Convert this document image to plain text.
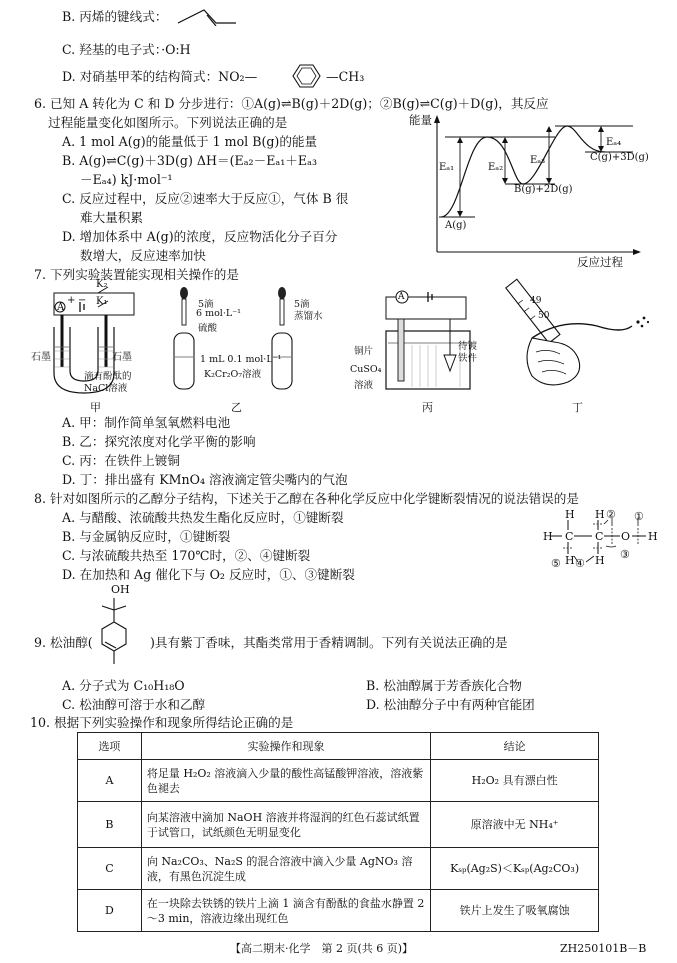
B. 丙烯的键线式：
C. 羟基的电子式：·O:H
D. 对硝基甲苯的结构简式：NO₂—	—CH₃
6. 已知 A 转化为 C 和 D 分步进行：①A(g)⇌B(g)＋2D(g)；②B(g)⇌C(g)＋D(g)，其反应
过程能量变化如图所示。下列说法正确的是
A. 1 mol A(g)的能量低于 1 mol B(g)的能量
B. A(g)⇌C(g)＋3D(g) ΔH＝(Eₐ₂－Eₐ₁＋Eₐ₃
－Eₐ₄) kJ·mol⁻¹
C. 反应过程中，反应②速率大于反应①，气体 B 很
难大量积累
D. 增加体系中 A(g)的浓度，反应物活化分子百分
数增大，反应速率加快
能量
反应过程
Eₐ₁	Eₐ₂
Eₐ₃
Eₐ₄
A(g)
B(g)+2D(g)
C(g)+3D(g)
7. 下列实验装置能实现相关操作的是
K₂
K₁
A
+ −
石墨	石墨
滴有酚酞的
NaCl溶液
甲
5滴
6 mol·L⁻¹
硫酸
5滴
蒸馏水
1 mL 0.1 mol·L⁻¹
K₂Cr₂O₇溶液
乙
A
铜片
CuSO₄
溶液
待镀
铁件
丙
49
50
丁
A. 甲：制作简单氢氧燃料电池
B. 乙：探究浓度对化学平衡的影响
C. 丙：在铁件上镀铜
D. 丁：排出盛有 KMnO₄ 溶液滴定管尖嘴内的气泡
8. 针对如图所示的乙醇分子结构，下述关于乙醇在各种化学反应中化学键断裂情况的说法错误的是
A. 与醋酸、浓硫酸共热发生酯化反应时，①键断裂
B. 与金属钠反应时，①键断裂
C. 与浓硫酸共热至 170℃时，②、④键断裂
D. 在加热和 Ag 催化下与 O₂ 反应时，①、③键断裂
H C C O H
H H
H H
①
②
③
④
⑤
OH
9. 松油醇(	)具有紫丁香味，其酯类常用于香精调制。下列有关说法正确的是
A. 分子式为 C₁₀H₁₈O	B. 松油醇属于芳香族化合物
C. 松油醇可溶于水和乙醇	D. 松油醇分子中有两种官能团
10. 根据下列实验操作和现象所得结论正确的是
选项	实验操作和现象	结论
A	将足量 H₂O₂ 溶液滴入少量的酸性高锰酸钾溶液，溶液紫色褪去	H₂O₂ 具有漂白性
B	向某溶液中滴加 NaOH 溶液并将湿润的红色石蕊试纸置于试管口，试纸颜色无明显变化	原溶液中无 NH₄⁺
C	向 Na₂CO₃、Na₂S 的混合溶液中滴入少量 AgNO₃ 溶液，有黑色沉淀生成	Kₛₚ(Ag₂S)＜Kₛₚ(Ag₂CO₃)
D	在一块除去铁锈的铁片上滴 1 滴含有酚酞的食盐水静置 2～3 min，溶液边缘出现红色	铁片上发生了吸氧腐蚀
【高二期末·化学　第 2 页(共 6 页)】	ZH250101B－B
